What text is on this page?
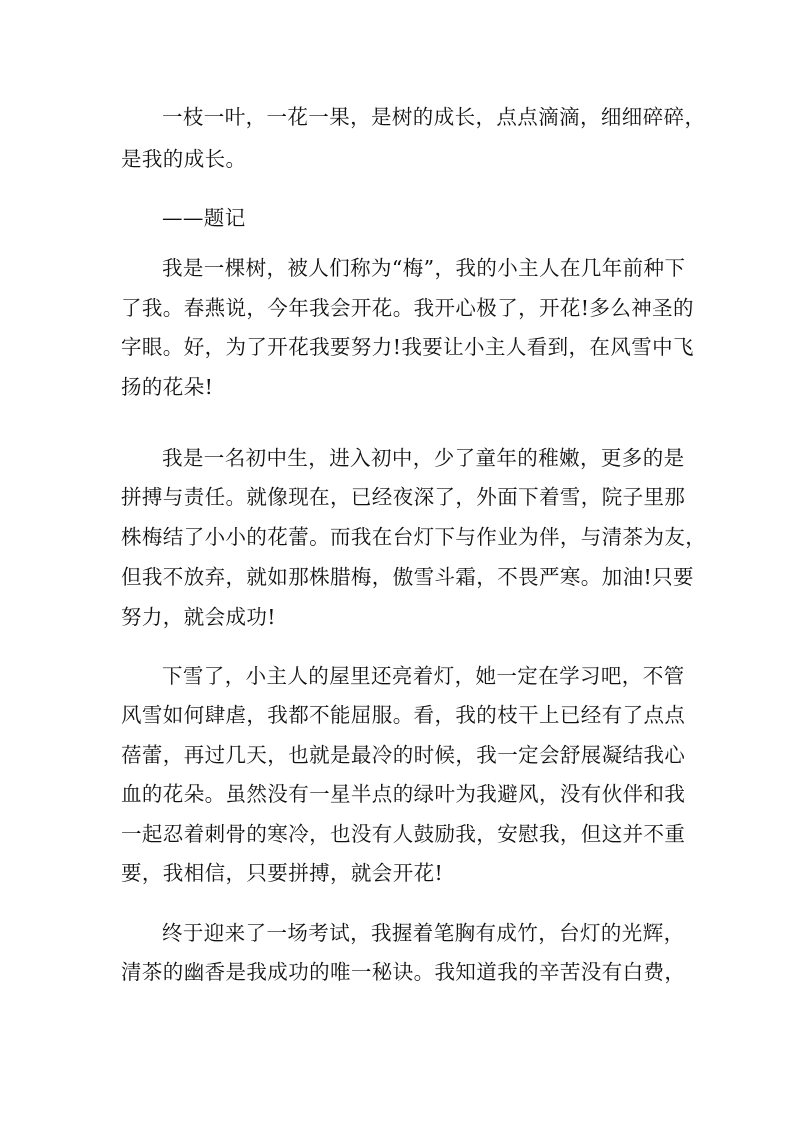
一枝一叶，一花一果，是树的成长，点点滴滴，细细碎碎，
是我的成长。
——题记
我是一棵树，被人们称为“梅”，我的小主人在几年前种下
了我。春燕说，今年我会开花。我开心极了，开花!多么神圣的
字眼。好，为了开花我要努力!我要让小主人看到，在风雪中飞
扬的花朵!
我是一名初中生，进入初中，少了童年的稚嫩，更多的是
拼搏与责任。就像现在，已经夜深了，外面下着雪，院子里那
株梅结了小小的花蕾。而我在台灯下与作业为伴，与清茶为友，
但我不放弃，就如那株腊梅，傲雪斗霜，不畏严寒。加油!只要
努力，就会成功!
下雪了，小主人的屋里还亮着灯，她一定在学习吧，不管
风雪如何肆虐，我都不能屈服。看，我的枝干上已经有了点点
蓓蕾，再过几天，也就是最冷的时候，我一定会舒展凝结我心
血的花朵。虽然没有一星半点的绿叶为我避风，没有伙伴和我
一起忍着刺骨的寒冷，也没有人鼓励我，安慰我，但这并不重
要，我相信，只要拼搏，就会开花!
终于迎来了一场考试，我握着笔胸有成竹，台灯的光辉，
清茶的幽香是我成功的唯一秘诀。我知道我的辛苦没有白费，
